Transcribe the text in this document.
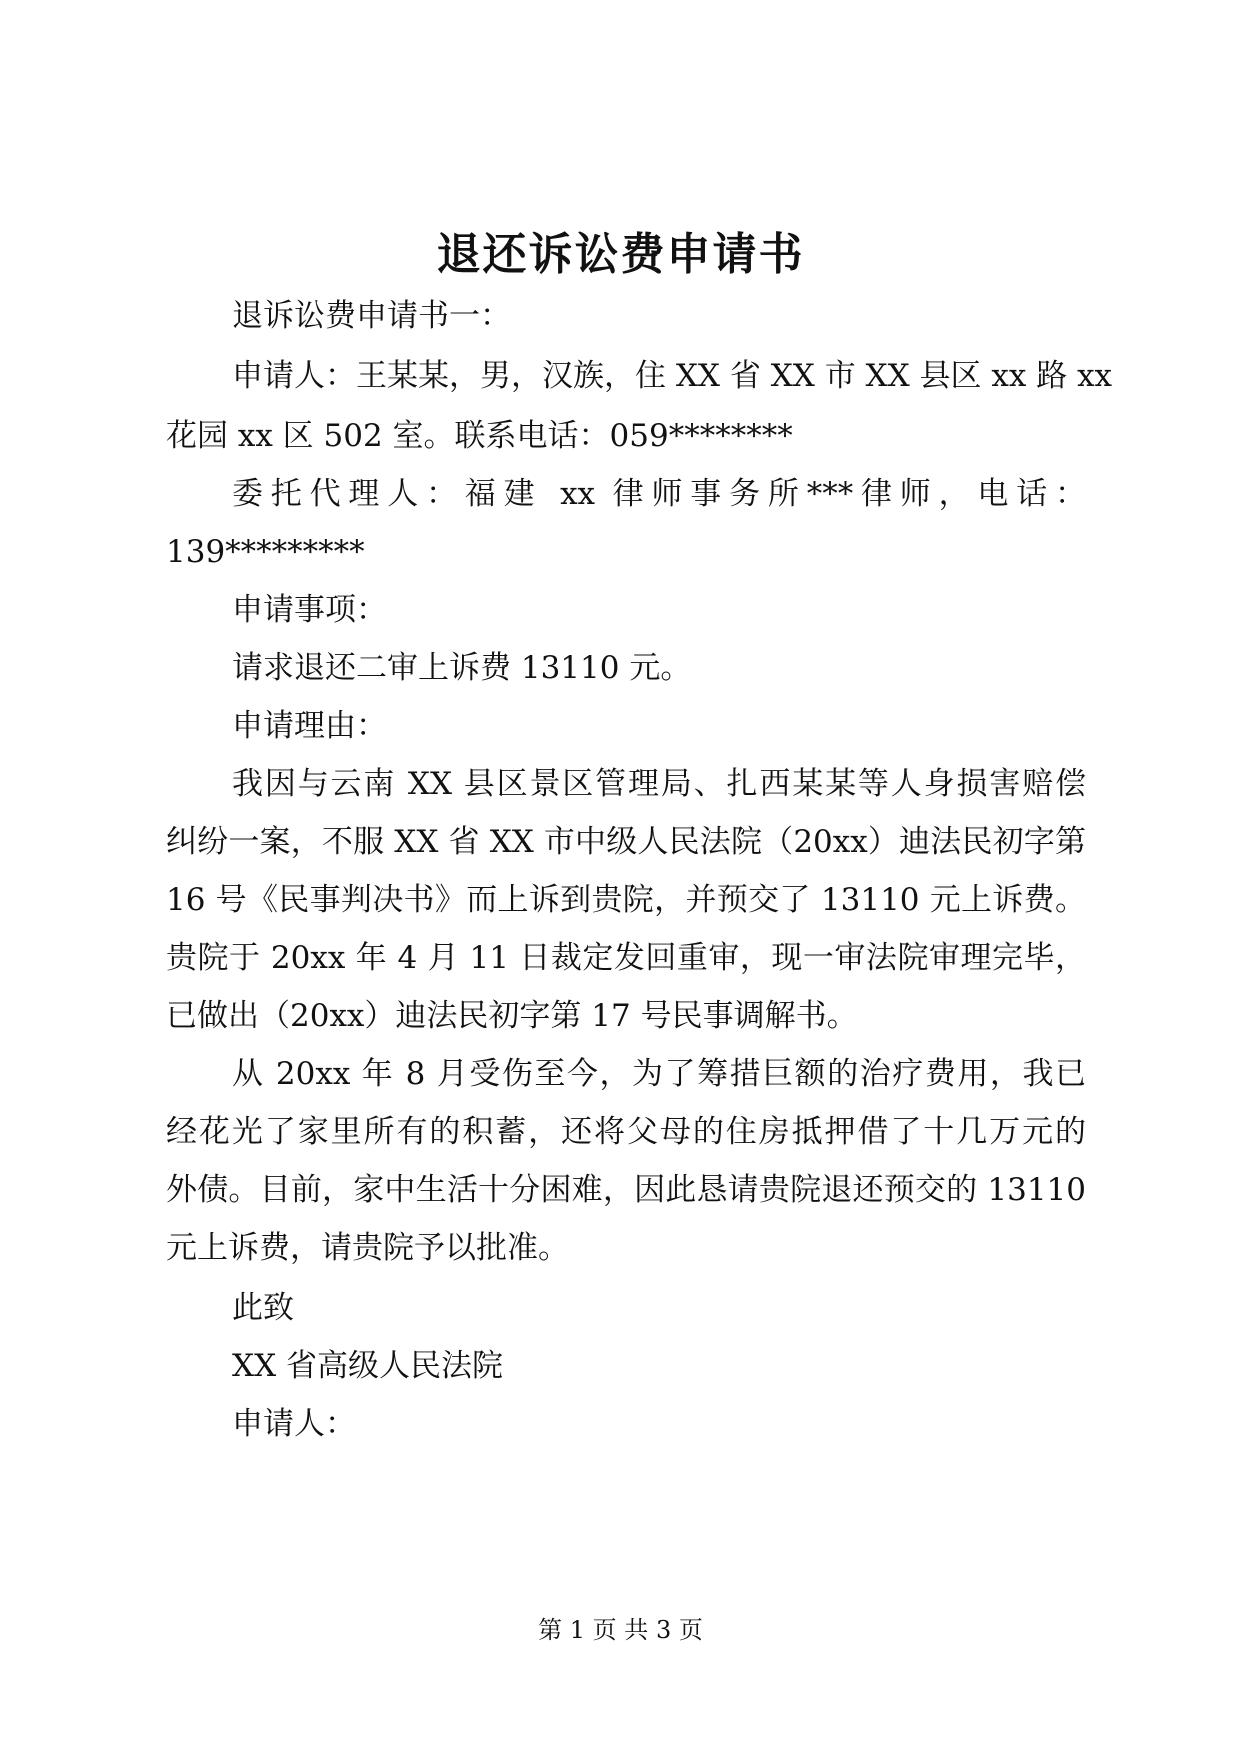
退还诉讼费申请书
退诉讼费申请书一：
申请人：王某某，男，汉族，住 XX 省 XX 市 XX 县区 xx 路 xx
花园 xx 区 502 室。联系电话：059********
委托代理人：福建 xx 律师事务所***律师，电话：
139*********
申请事项：
请求退还二审上诉费 13110 元。
申请理由：
我因与云南 XX 县区景区管理局、扎西某某等人身损害赔偿
纠纷一案，不服 XX 省 XX 市中级人民法院（20xx）迪法民初字第
16 号《民事判决书》而上诉到贵院，并预交了 13110 元上诉费。
贵院于 20xx 年 4 月 11 日裁定发回重审，现一审法院审理完毕，
已做出（20xx）迪法民初字第 17 号民事调解书。
从 20xx 年 8 月受伤至今，为了筹措巨额的治疗费用，我已
经花光了家里所有的积蓄，还将父母的住房抵押借了十几万元的
外债。目前，家中生活十分困难，因此恳请贵院退还预交的 13110
元上诉费，请贵院予以批准。
此致
XX 省高级人民法院
申请人：
第 1 页 共 3 页
